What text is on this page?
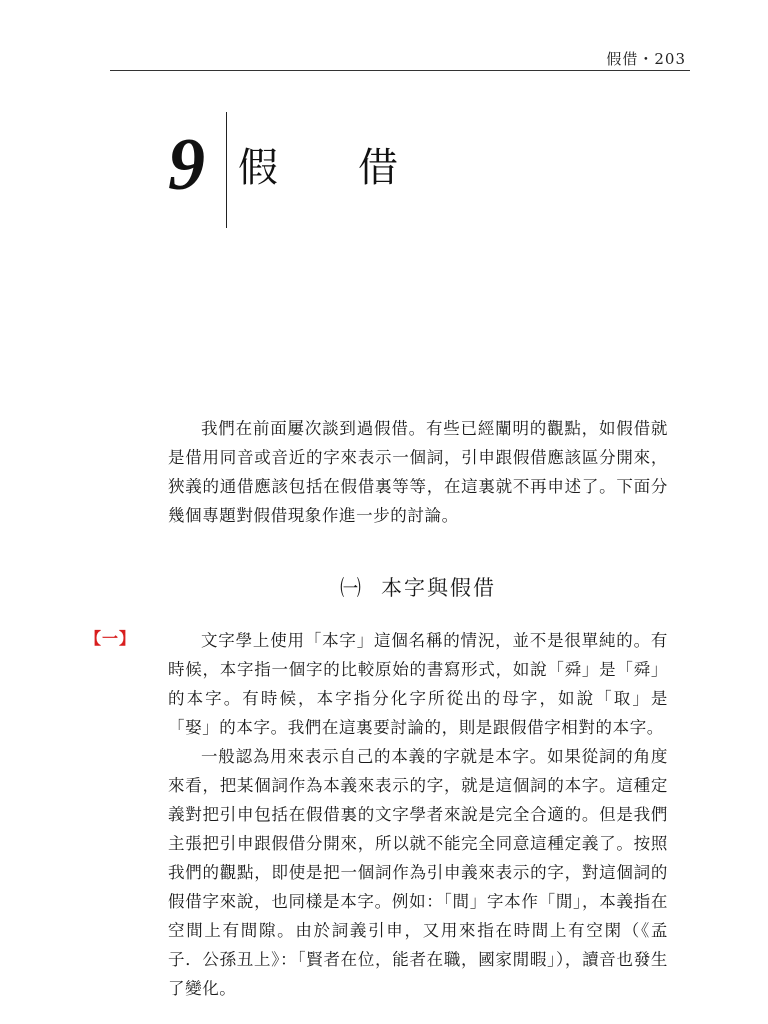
假借・203
9 假借

我們在前面屢次談到過假借。有些已經闡明的觀點，如假借就是借用同音或音近的字來表示一個詞，引申跟假借應該區分開來，狹義的通借應該包括在假借裏等等，在這裏就不再申述了。下面分幾個專題對假借現象作進一步的討論。

㈠ 本字與假借
【一】	文字學上使用「本字」這個名稱的情況，並不是很單純的。有時候，本字指一個字的比較原始的書寫形式，如說「舜」是「舜」的本字。有時候，本字指分化字所從出的母字，如說「取」是「娶」的本字。我們在這裏要討論的，則是跟假借字相對的本字。

一般認為用來表示自己的本義的字就是本字。如果從詞的角度來看，把某個詞作為本義來表示的字，就是這個詞的本字。這種定義對把引申包括在假借裏的文字學者來說是完全合適的。但是我們主張把引申跟假借分開來，所以就不能完全同意這種定義了。按照我們的觀點，即使是把一個詞作為引申義來表示的字，對這個詞的假借字來說，也同樣是本字。例如：「間」字本作「閒」，本義指在空間上有間隙。由於詞義引申，又用來指在時間上有空閑（《孟子．公孫丑上》：「賢者在位，能者在職，國家閒暇」），讀音也發生了變化。
